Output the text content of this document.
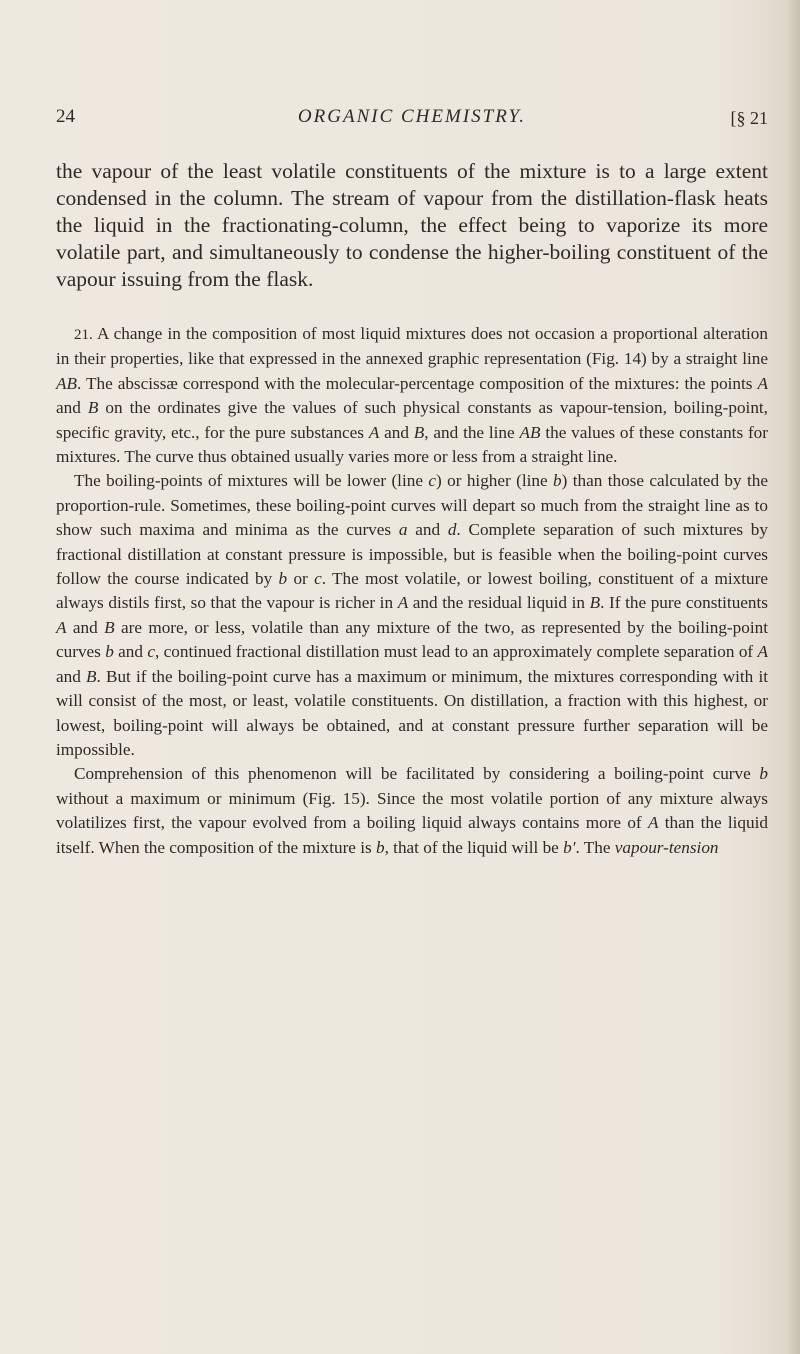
24	ORGANIC CHEMISTRY.	[§ 21

the vapour of the least volatile constituents of the mixture is to a large extent condensed in the column. The stream of vapour from the distillation-flask heats the liquid in the fractionating-column, the effect being to vaporize its more volatile part, and simultaneously to condense the higher-boiling constituent of the vapour issuing from the flask.

21. A change in the composition of most liquid mixtures does not occasion a proportional alteration in their properties, like that expressed in the annexed graphic representation (Fig. 14) by a straight line AB. The abscissæ correspond with the molecular-percentage composition of the mixtures: the points A and B on the ordinates give the values of such physical constants as vapour-tension, boiling-point, specific gravity, etc., for the pure substances A and B, and the line AB the values of these constants for mixtures. The curve thus obtained usually varies more or less from a straight line.

The boiling-points of mixtures will be lower (line c) or higher (line b) than those calculated by the proportion-rule. Sometimes, these boiling-point curves will depart so much from the straight line as to show such maxima and minima as the curves a and d. Complete separation of such mixtures by fractional distillation at constant pressure is impossible, but is feasible when the boiling-point curves follow the course indicated by b or c. The most volatile, or lowest boiling, constituent of a mixture always distils first, so that the vapour is richer in A and the residual liquid in B. If the pure constituents A and B are more, or less, volatile than any mixture of the two, as represented by the boiling-point curves b and c, continued fractional distillation must lead to an approximately complete separation of A and B. But if the boiling-point curve has a maximum or minimum, the mixtures corresponding with it will consist of the most, or least, volatile constituents. On distillation, a fraction with this highest, or lowest, boiling-point will always be obtained, and at constant pressure further separation will be impossible.

Comprehension of this phenomenon will be facilitated by considering a boiling-point curve b without a maximum or minimum (Fig. 15). Since the most volatile portion of any mixture always volatilizes first, the vapour evolved from a boiling liquid always contains more of A than the liquid itself. When the composition of the mixture is b, that of the liquid will be b′. The vapour-tension
